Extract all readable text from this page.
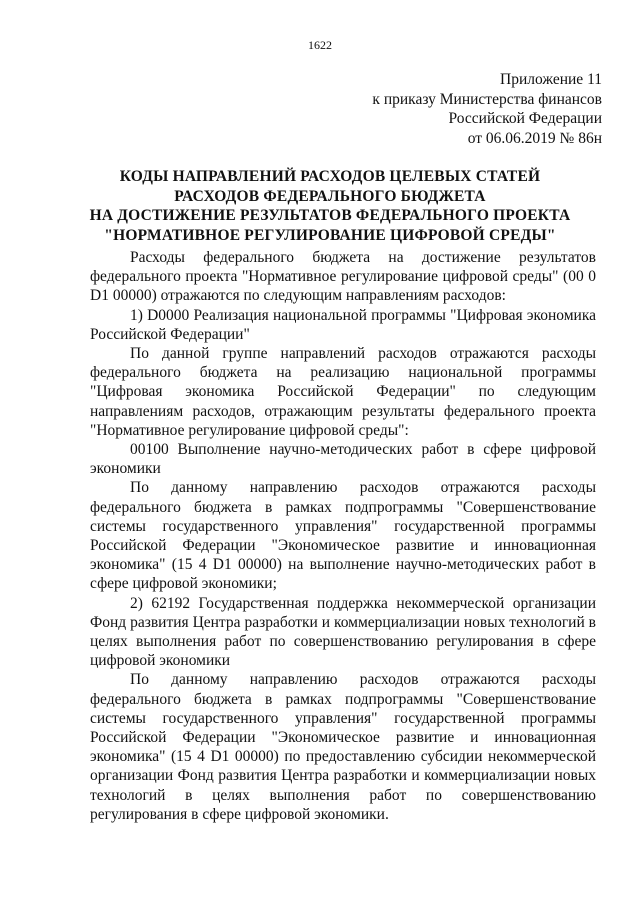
1622
Приложение 11
к приказу Министерства финансов
Российской Федерации
от 06.06.2019 № 86н
КОДЫ НАПРАВЛЕНИЙ РАСХОДОВ ЦЕЛЕВЫХ СТАТЕЙ
РАСХОДОВ ФЕДЕРАЛЬНОГО БЮДЖЕТА
НА ДОСТИЖЕНИЕ РЕЗУЛЬТАТОВ ФЕДЕРАЛЬНОГО ПРОЕКТА
"НОРМАТИВНОЕ РЕГУЛИРОВАНИЕ ЦИФРОВОЙ СРЕДЫ"

Расходы федерального бюджета на достижение результатов федерального проекта "Нормативное регулирование цифровой среды" (00 0 D1 00000) отражаются по следующим направлениям расходов:

1) D0000 Реализация национальной программы "Цифровая экономика Российской Федерации"

По данной группе направлений расходов отражаются расходы федерального бюджета на реализацию национальной программы "Цифровая экономика Российской Федерации" по следующим направлениям расходов, отражающим результаты федерального проекта "Нормативное регулирование цифровой среды":

00100 Выполнение научно-методических работ в сфере цифровой экономики

По данному направлению расходов отражаются расходы федерального бюджета в рамках подпрограммы "Совершенствование системы государственного управления" государственной программы Российской Федерации "Экономическое развитие и инновационная экономика" (15 4 D1 00000) на выполнение научно-методических работ в сфере цифровой экономики;

2) 62192 Государственная поддержка некоммерческой организации Фонд развития Центра разработки и коммерциализации новых технологий в целях выполнения работ по совершенствованию регулирования в сфере цифровой экономики

По данному направлению расходов отражаются расходы федерального бюджета в рамках подпрограммы "Совершенствование системы государственного управления" государственной программы Российской Федерации "Экономическое развитие и инновационная экономика" (15 4 D1 00000) по предоставлению субсидии некоммерческой организации Фонд развития Центра разработки и коммерциализации новых технологий в целях выполнения работ по совершенствованию регулирования в сфере цифровой экономики.
